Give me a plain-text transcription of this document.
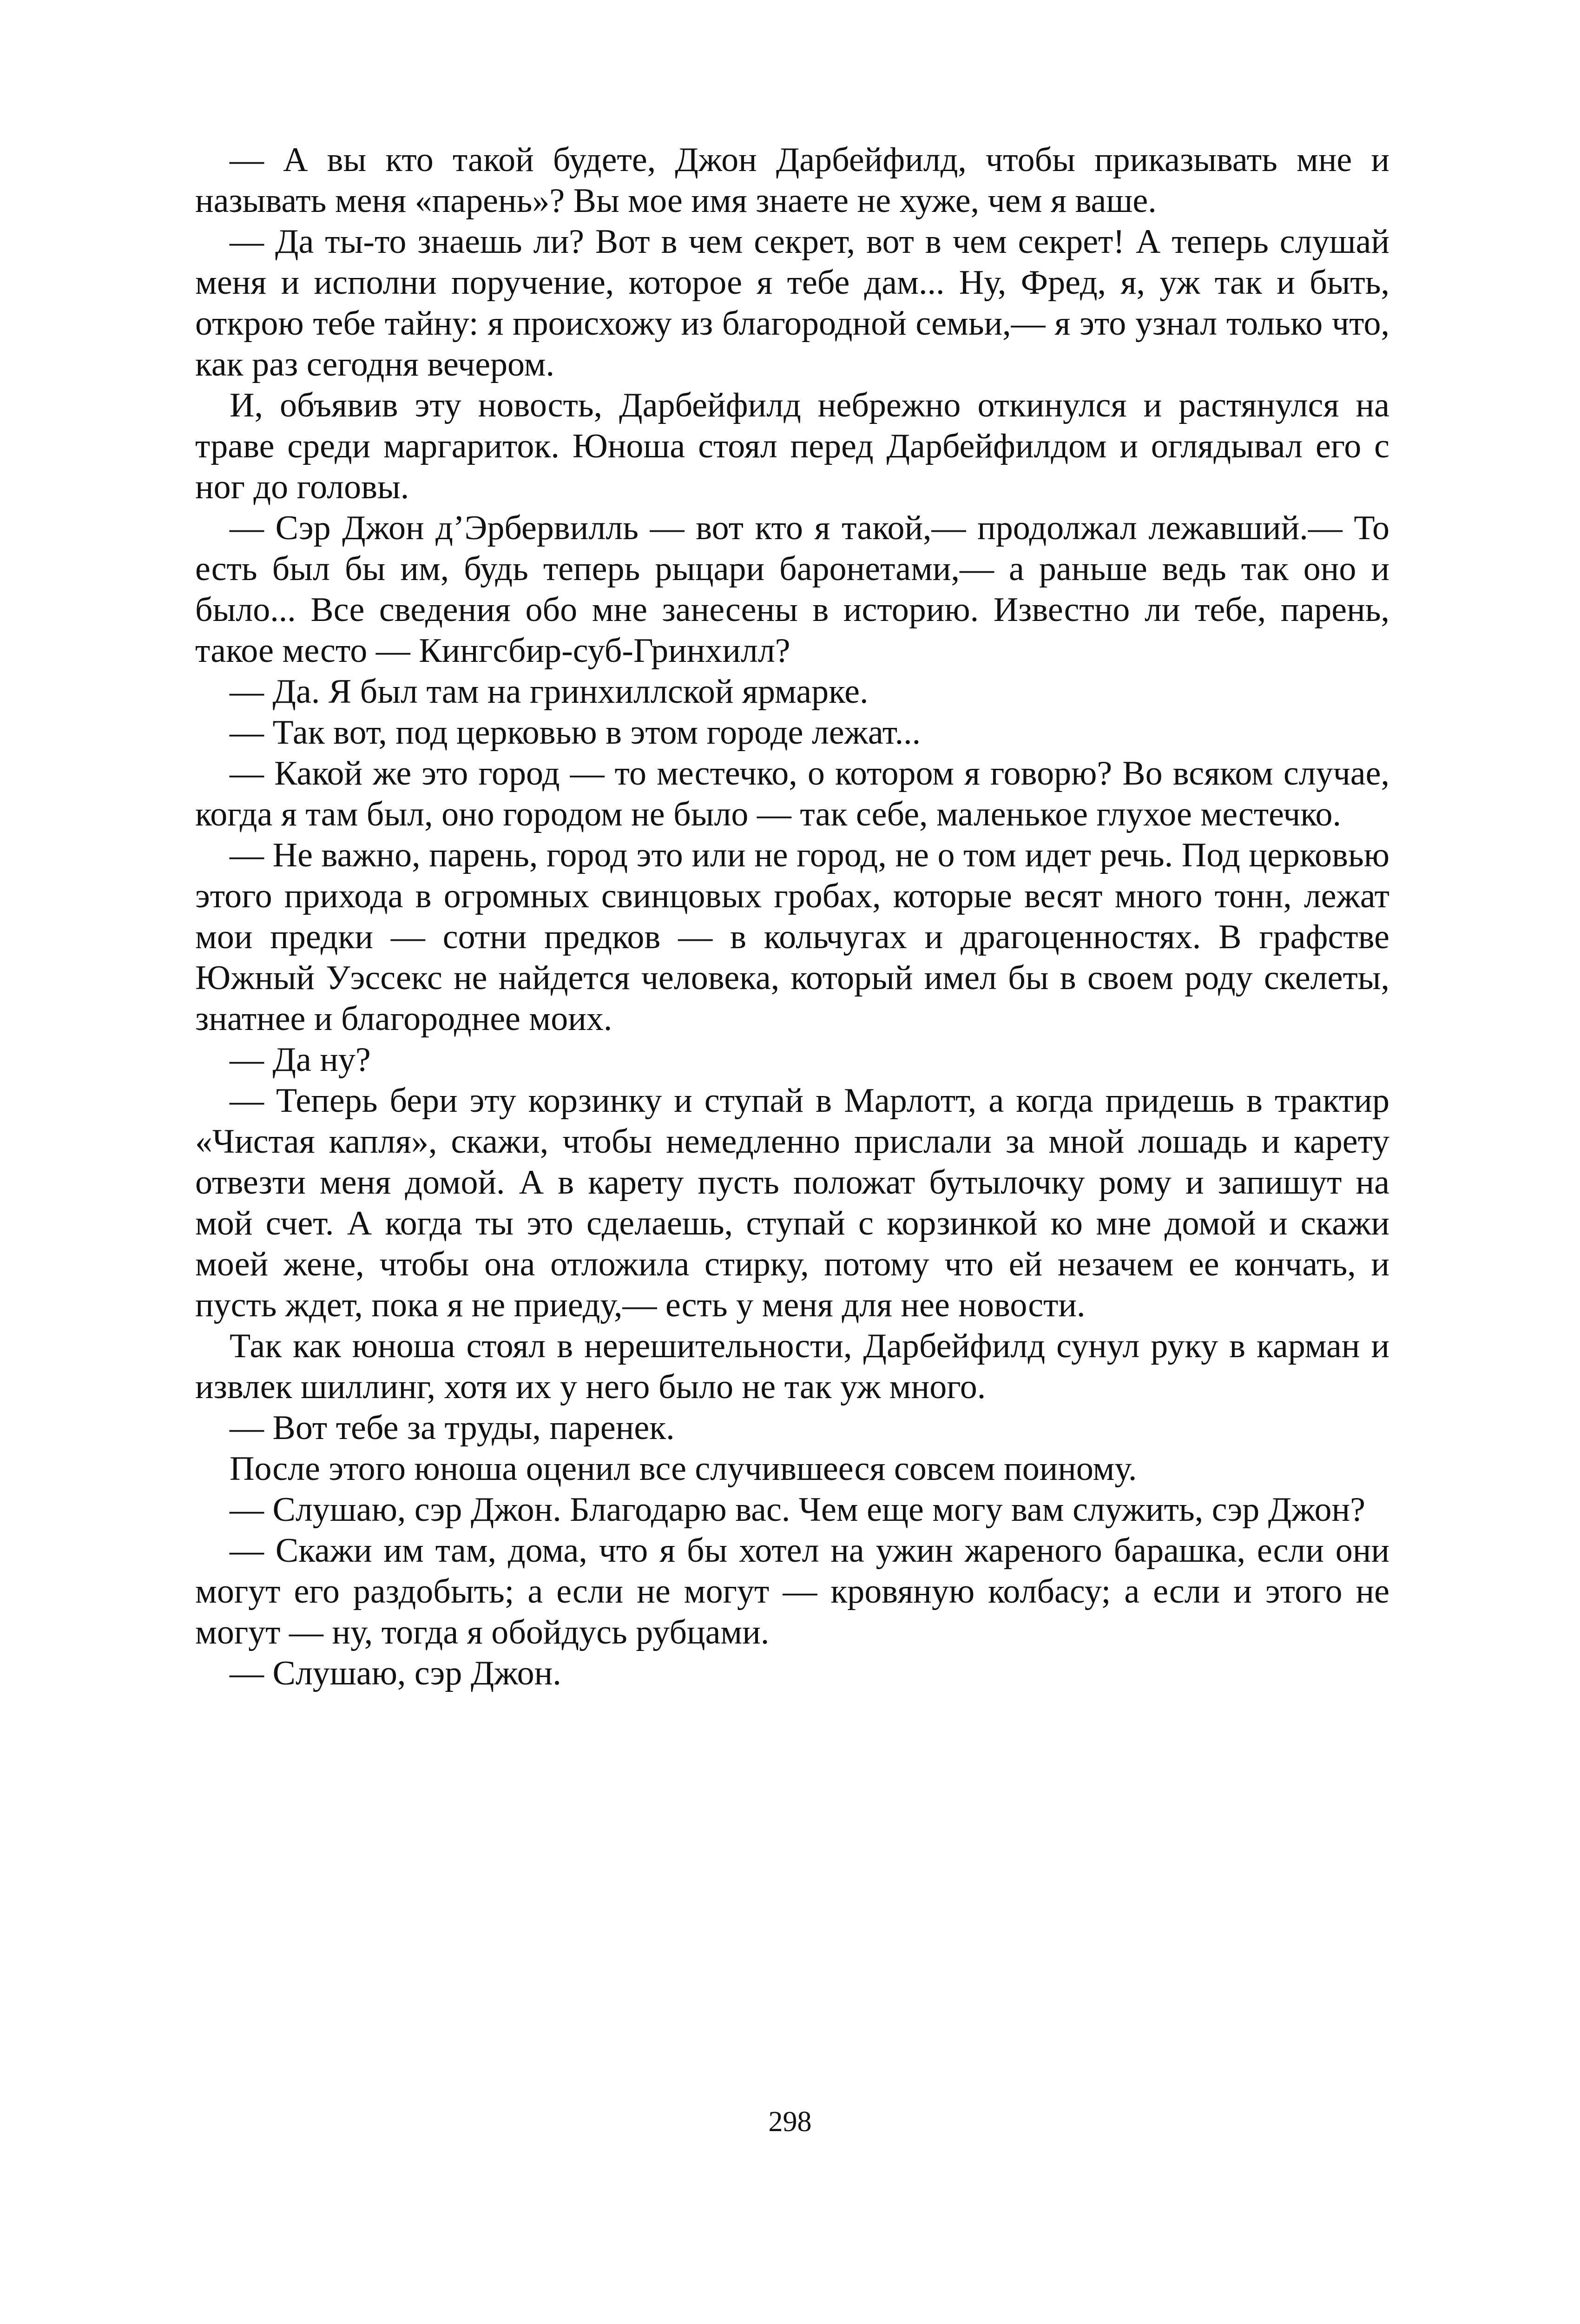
— А вы кто такой будете, Джон Дарбейфилд, чтобы приказывать мне и называть меня «парень»? Вы мое имя знаете не хуже, чем я ваше.

— Да ты-то знаешь ли? Вот в чем секрет, вот в чем секрет! А теперь слушай меня и исполни поручение, которое я тебе дам... Ну, Фред, я, уж так и быть, открою тебе тайну: я происхожу из благородной семьи,— я это узнал только что, как раз сегодня вечером.

И, объявив эту новость, Дарбейфилд небрежно откинулся и растянулся на траве среди маргариток. Юноша стоял перед Дарбейфилдом и оглядывал его с ног до головы.

— Сэр Джон д’Эрбервилль — вот кто я такой,— продолжал лежавший.— То есть был бы им, будь теперь рыцари баронетами,— а раньше ведь так оно и было... Все сведения обо мне занесены в историю. Известно ли тебе, парень, такое место — Кингсбир-суб-Гринхилл?

— Да. Я был там на гринхиллской ярмарке.

— Так вот, под церковью в этом городе лежат...

— Какой же это город — то местечко, о котором я говорю? Во всяком случае, когда я там был, оно городом не было — так себе, маленькое глухое местечко.

— Не важно, парень, город это или не город, не о том идет речь. Под церковью этого прихода в огромных свинцовых гробах, которые весят много тонн, лежат мои предки — сотни предков — в кольчугах и драгоценностях. В графстве Южный Уэссекс не найдется человека, который имел бы в своем роду скелеты, знатнее и благороднее моих.

— Да ну?

— Теперь бери эту корзинку и ступай в Марлотт, а когда придешь в трактир «Чистая капля», скажи, чтобы немедленно прислали за мной лошадь и карету отвезти меня домой. А в карету пусть положат бутылочку рому и запишут на мой счет. А когда ты это сделаешь, ступай с корзинкой ко мне домой и скажи моей жене, чтобы она отложила стирку, потому что ей незачем ее кончать, и пусть ждет, пока я не приеду,— есть у меня для нее новости.

Так как юноша стоял в нерешительности, Дарбейфилд сунул руку в карман и извлек шиллинг, хотя их у него было не так уж много.

— Вот тебе за труды, паренек.

После этого юноша оценил все случившееся совсем поиному.

— Слушаю, сэр Джон. Благодарю вас. Чем еще могу вам служить, сэр Джон?

— Скажи им там, дома, что я бы хотел на ужин жареного барашка, если они могут его раздобыть; а если не могут — кровяную колбасу; а если и этого не могут — ну, тогда я обойдусь рубцами.

— Слушаю, сэр Джон.

298
